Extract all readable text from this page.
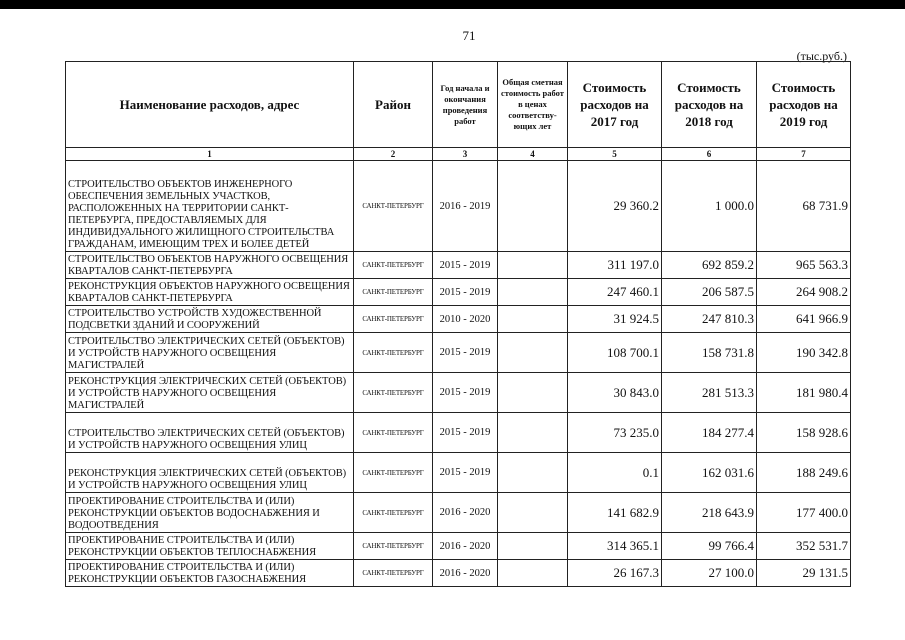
71
(тыс.руб.)
Наименование расходов, адрес	Район	Год начала и окончания проведения работ	Общая сметная стоимость работ в ценах соответству-ющих лет	Стоимость расходов на 2017 год	Стоимость расходов на 2018 год	Стоимость расходов на 2019 год
1	2	3	4	5	6	7
СТРОИТЕЛЬСТВО ОБЪЕКТОВ ИНЖЕНЕРНОГО ОБЕСПЕЧЕНИЯ ЗЕМЕЛЬНЫХ УЧАСТКОВ, РАСПОЛОЖЕННЫХ НА ТЕРРИТОРИИ САНКТ-ПЕТЕРБУРГА, ПРЕДОСТАВЛЯЕМЫХ ДЛЯ ИНДИВИДУАЛЬНОГО ЖИЛИЩНОГО СТРОИТЕЛЬСТВА ГРАЖДАНАМ, ИМЕЮЩИМ ТРЕХ И БОЛЕЕ ДЕТЕЙ	САНКТ-ПЕТЕРБУРГ	2016 - 2019		29 360.2	1 000.0	68 731.9
СТРОИТЕЛЬСТВО ОБЪЕКТОВ НАРУЖНОГО ОСВЕЩЕНИЯ КВАРТАЛОВ САНКТ-ПЕТЕРБУРГА	САНКТ-ПЕТЕРБУРГ	2015 - 2019		311 197.0	692 859.2	965 563.3
РЕКОНСТРУКЦИЯ ОБЪЕКТОВ НАРУЖНОГО ОСВЕЩЕНИЯ КВАРТАЛОВ САНКТ-ПЕТЕРБУРГА	САНКТ-ПЕТЕРБУРГ	2015 - 2019		247 460.1	206 587.5	264 908.2
СТРОИТЕЛЬСТВО УСТРОЙСТВ ХУДОЖЕСТВЕННОЙ ПОДСВЕТКИ ЗДАНИЙ И СООРУЖЕНИЙ	САНКТ-ПЕТЕРБУРГ	2010 - 2020		31 924.5	247 810.3	641 966.9
СТРОИТЕЛЬСТВО ЭЛЕКТРИЧЕСКИХ СЕТЕЙ (ОБЪЕКТОВ) И УСТРОЙСТВ НАРУЖНОГО ОСВЕЩЕНИЯ МАГИСТРАЛЕЙ	САНКТ-ПЕТЕРБУРГ	2015 - 2019		108 700.1	158 731.8	190 342.8
РЕКОНСТРУКЦИЯ ЭЛЕКТРИЧЕСКИХ СЕТЕЙ (ОБЪЕКТОВ) И УСТРОЙСТВ НАРУЖНОГО ОСВЕЩЕНИЯ МАГИСТРАЛЕЙ	САНКТ-ПЕТЕРБУРГ	2015 - 2019		30 843.0	281 513.3	181 980.4
СТРОИТЕЛЬСТВО ЭЛЕКТРИЧЕСКИХ СЕТЕЙ (ОБЪЕКТОВ) И УСТРОЙСТВ НАРУЖНОГО ОСВЕЩЕНИЯ УЛИЦ	САНКТ-ПЕТЕРБУРГ	2015 - 2019		73 235.0	184 277.4	158 928.6
РЕКОНСТРУКЦИЯ ЭЛЕКТРИЧЕСКИХ СЕТЕЙ (ОБЪЕКТОВ) И УСТРОЙСТВ НАРУЖНОГО ОСВЕЩЕНИЯ УЛИЦ	САНКТ-ПЕТЕРБУРГ	2015 - 2019		0.1	162 031.6	188 249.6
ПРОЕКТИРОВАНИЕ СТРОИТЕЛЬСТВА И (ИЛИ) РЕКОНСТРУКЦИИ ОБЪЕКТОВ ВОДОСНАБЖЕНИЯ И ВОДООТВЕДЕНИЯ	САНКТ-ПЕТЕРБУРГ	2016 - 2020		141 682.9	218 643.9	177 400.0
ПРОЕКТИРОВАНИЕ СТРОИТЕЛЬСТВА И (ИЛИ) РЕКОНСТРУКЦИИ ОБЪЕКТОВ ТЕПЛОСНАБЖЕНИЯ	САНКТ-ПЕТЕРБУРГ	2016 - 2020		314 365.1	99 766.4	352 531.7
ПРОЕКТИРОВАНИЕ СТРОИТЕЛЬСТВА И (ИЛИ) РЕКОНСТРУКЦИИ ОБЪЕКТОВ ГАЗОСНАБЖЕНИЯ	САНКТ-ПЕТЕРБУРГ	2016 - 2020		26 167.3	27 100.0	29 131.5
